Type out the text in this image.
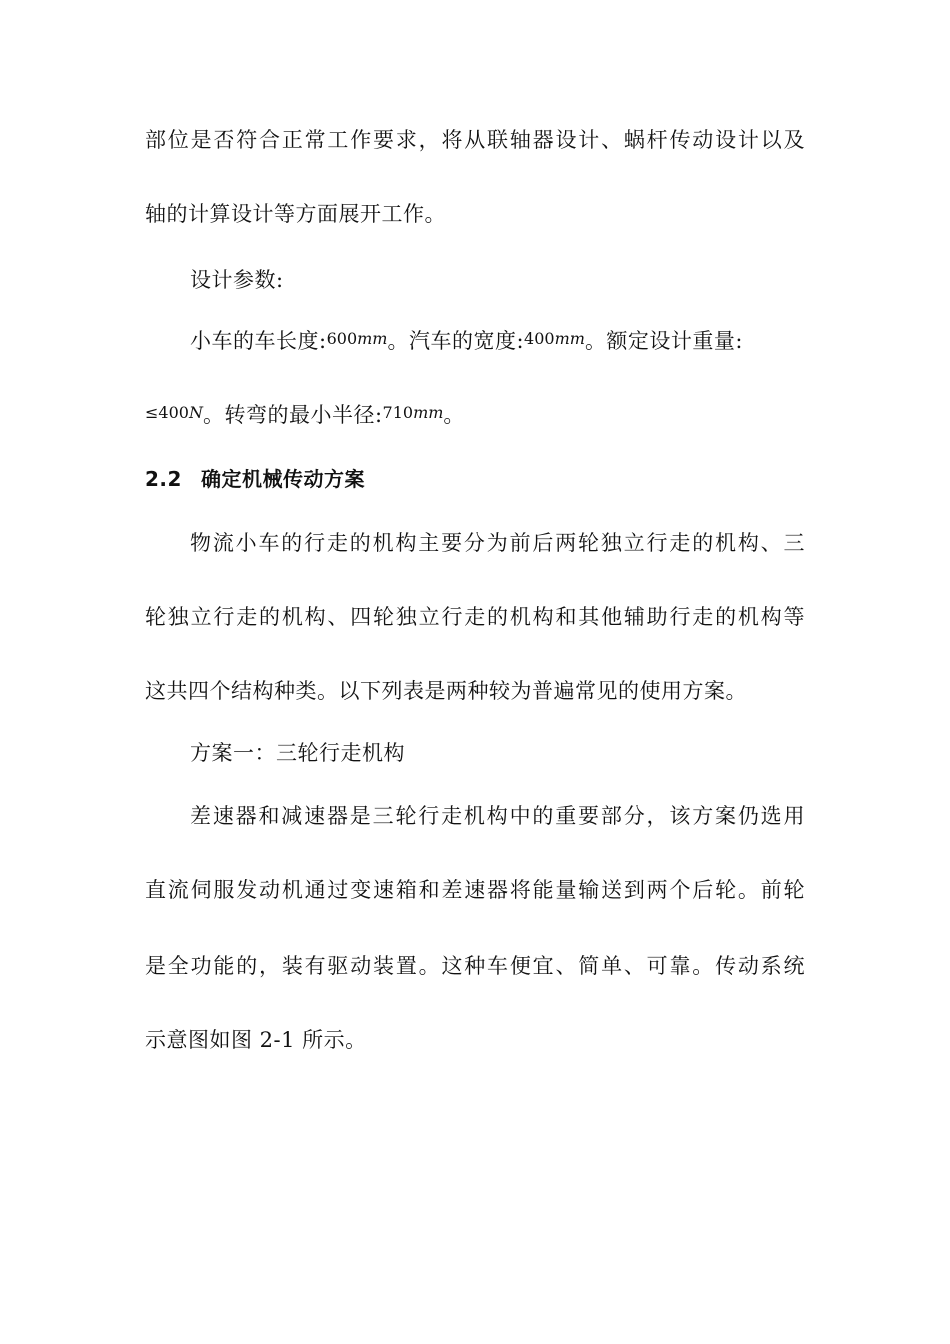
部位是否符合正常工作要求，将从联轴器设计、蜗杆传动设计以及
轴的计算设计等方面展开工作。
设计参数:
小车的车长度:600mm。汽车的宽度:400mm。额定设计重量:
≤400N。转弯的最小半径:710mm。
2.2 确定机械传动方案
物流小车的行走的机构主要分为前后两轮独立行走的机构、三
轮独立行走的机构、四轮独立行走的机构和其他辅助行走的机构等
这共四个结构种类。以下列表是两种较为普遍常见的使用方案。
方案一：三轮行走机构
差速器和减速器是三轮行走机构中的重要部分，该方案仍选用
直流伺服发动机通过变速箱和差速器将能量输送到两个后轮。前轮
是全功能的，装有驱动装置。这种车便宜、简单、可靠。传动系统
示意图如图 2-1 所示。
